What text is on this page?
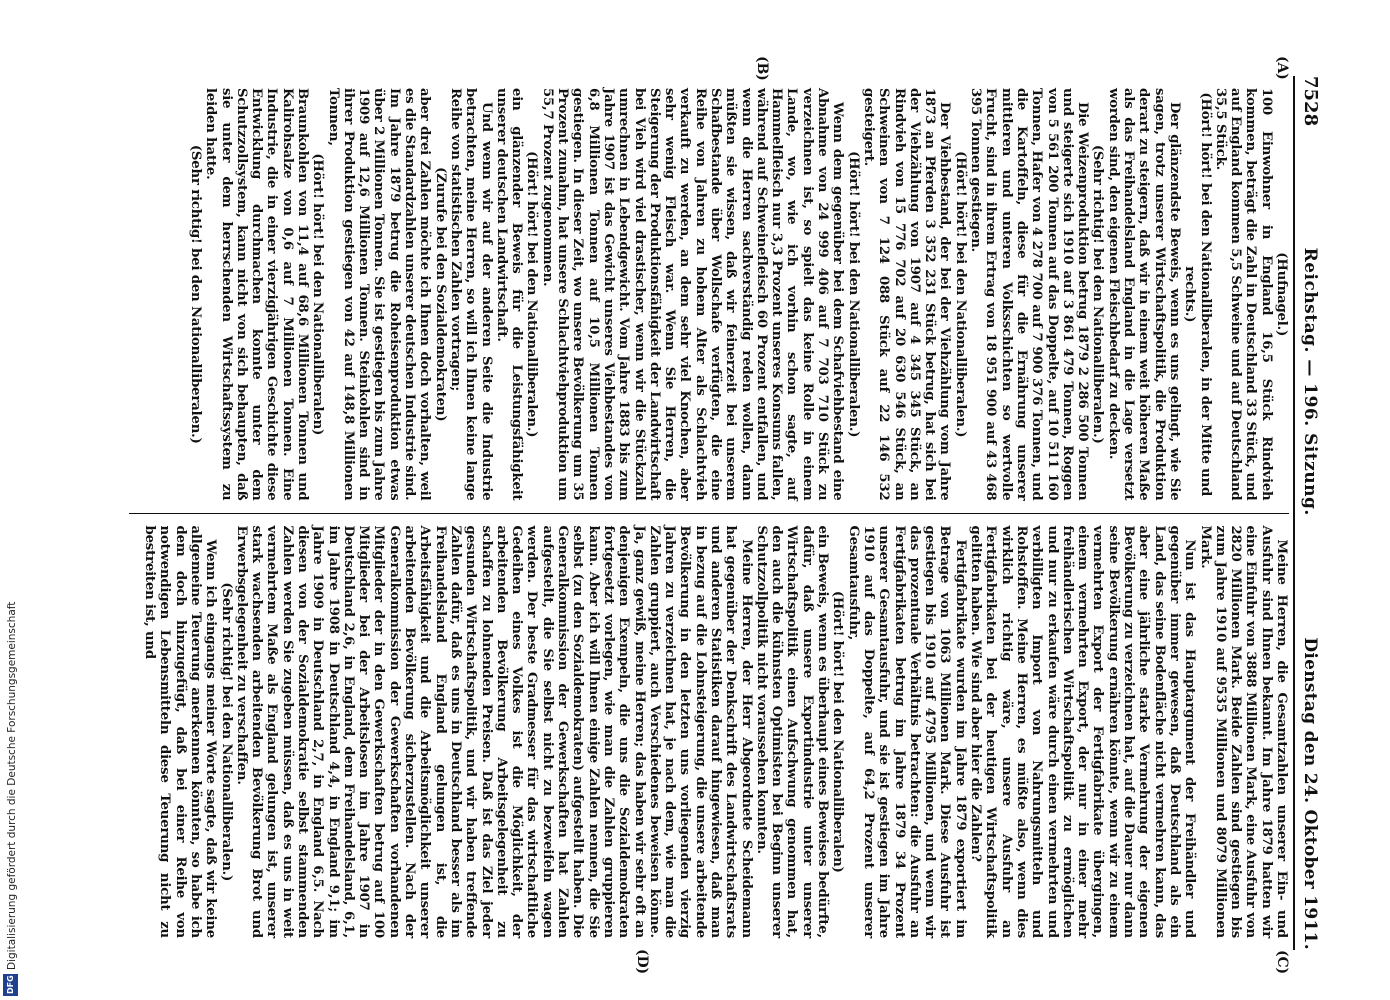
Digitalisierung gefördert durch die Deutsche Forschungsgemeinschaft
DFG
7528
Reichstag. — 196. Sitzung.
Dienstag den 24. Oktober 1911.
(A)
(B)

(Hufnagel.)

100 Einwohner in England 16,5 Stück Rindvieh kommen, beträgt die Zahl in Deutschland 33 Stück, und auf England kommen 5,5 Schweine und auf Deutschland 35,5 Stück.

(Hört! hört! bei den Nationalliberalen, in der Mitte und rechts.)

Der glänzendste Beweis, wenn es uns gelingt, wie Sie sagen, trotz unserer Wirtschaftspolitik, die Produktion derart zu steigern, daß wir in einem weit höheren Maße als das Freihandelsland England in die Lage versetzt worden sind, den eigenen Fleischbedarf zu decken.

(Sehr richtig! bei den Nationalliberalen.)

Die Weizenproduktion betrug 1879 2 286 500 Tonnen und steigerte sich 1910 auf 3 861 479 Tonnen, Roggen von 5 561 200 Tonnen auf das Doppelte, auf 10 511 160 Tonnen, Hafer von 4 278 700 auf 7 900 376 Tonnen, und die Kartoffeln, diese für die Ernährung unserer mittleren und unteren Volksschichten so wertvolle Frucht, sind in ihrem Ertrag von 18 951 900 auf 43 468 395 Tonnen gestiegen.

(Hört! hört! bei den Nationalliberalen.)

Der Viehbestand, der bei der Viehzählung vom Jahre 1873 an Pferden 3 352 231 Stück betrug, hat sich bei der Viehzählung von 1907 auf 4 345 345 Stück, an Rindvieh von 15 776 702 auf 20 630 546 Stück, an Schweinen von 7 124 088 Stück auf 22 146 532 gesteigert.

(Hört! hört! bei den Nationalliberalen.)

Wenn dem gegenüber bei dem Schafviehbestand eine Abnahme von 24 999 406 auf 7 703 710 Stück zu verzeichnen ist, so spielt das keine Rolle in einem Lande, wo, wie ich vorhin schon sagte, auf Hammelfleisch nur 3,3 Prozent unseres Konsums fallen, während auf Schweinefleisch 60 Prozent entfallen, und wenn die Herren sachverständig reden wollen, dann müßten sie wissen, daß wir feinerzeit bei unserem Schafbestande über Wollschafe verfügten, die eine Reihe von Jahren zu hohem Alter als Schlachtvieh verkauft zu werden, an dem sehr viel Knochen, aber sehr wenig Fleisch war. Wenn Sie Herren, die Steigerung der Produktionsfähigkeit der Landwirtschaft bei Vieh wird viel drastischer, wenn wir die Stückzahl umrechnen in Lebendgewicht. Vom Jahre 1883 bis zum Jahre 1907 ist das Gewicht unseres Viehbestandes von 6,8 Millionen Tonnen auf 10,5 Millionen Tonnen gestiegen. In dieser Zeit, wo unsere Bevölkerung um 35 Prozent zunahm, hat unsere Schlachtviehproduktion um 55,7 Prozent zugenommen.

(Hört! hört! bei den Nationalliberalen.)

ein glänzender Beweis für die Leistungsfähigkeit unserer deutschen Landwirtschaft.

Und wenn wir auf der anderen Seite die Industrie betrachten, meine Herren, so will ich Ihnen keine lange Reihe von statistischen Zahlen vortragen;

(Zurufe bei den Sozialdemokraten)

aber drei Zahlen möchte ich Ihnen doch vorhalten, weil es die Standardzahlen unserer deutschen Industrie sind. Im Jahre 1879 betrug die Roheisenproduktion etwas über 2 Millionen Tonnen. Sie ist gestiegen bis zum Jahre 1909 auf 12,6 Millionen Tonnen. Steinkohlen sind in ihrer Produktion gestiegen von 42 auf 148,8 Millionen Tonnen,

(Hört! hört! bei den Nationalliberalen)

Braunkohlen von 11,4 auf 68,6 Millionen Tonnen und Kalirohsalze von 0,6 auf 7 Millionen Tonnen. Eine Industrie, die in einer vierzigjährigen Geschichte diese Entwicklung durchmachen konnte unter dem Schutzzollsystem, kann nicht von sich behaupten, daß sie unter dem herrschenden Wirtschaftssystem zu leiden hatte.

(Sehr richtig! bei den Nationalliberalen.)

(C)
(D)

Meine Herren, die Gesamtzahlen unserer Ein- und Ausfuhr sind Ihnen bekannt. Im Jahre 1879 hatten wir eine Einfuhr von 3888 Millionen Mark, eine Ausfuhr von 2820 Millionen Mark. Beide Zahlen sind gestiegen bis zum Jahre 1910 auf 9535 Millionen und 8079 Millionen Mark.

Nun ist das Hauptargument der Freihändler und gegenüber immer gewesen, daß Deutschland als ein Land, das seine Bodenfläche nicht vermehren kann, das aber eine jährliche starke Vermehrung der eigenen Bevölkerung zu verzeichnen hat, auf die Dauer nur dann seine Bevölkerung ernähren könnte, wenn wir zu einem vermehrten Export der Fertigfabrikate übergingen, einem vermehrten Export, der nur in einer mehr freihändlerischen Wirtschaftspolitik zu ermöglichen und nur zu erkaufen wäre durch einen vermehrten und verbilligten Import von Nahrungsmitteln und Rohstoffen. Meine Herren, es müßte also, wenn dies wirklich richtig wäre, unsere Ausfuhr an Fertigfabrikaten bei der heutigen Wirtschaftspolitik gelitten haben. Wie sind aber hier die Zahlen?

Fertigfabrikate wurden im Jahre 1879 exportiert im Betrage von 1063 Millionen Mark. Diese Ausfuhr ist gestiegen bis 1910 auf 4795 Millionen, und wenn wir das prozentuale Verhältnis betrachten: die Ausfuhr an Fertigfabrikaten betrug im Jahre 1879 34 Prozent unserer Gesamtausfuhr, und sie ist gestiegen im Jahre 1910 auf das Doppelte, auf 64,2 Prozent unserer Gesamtausfuhr,

(Hört! hört! bei den Nationalliberalen)

ein Beweis, wenn es überhaupt eines Beweises bedürfte, dafür, daß unsere Exportindustrie unter unserer Wirtschaftspolitik einen Aufschwung genommen hat, den auch die kühnsten Optimisten bei Beginn unserer Schutzzollpolitik nicht voraussehen konnten.

Meine Herren, der Herr Abgeordnete Scheidemann hat gegenüber der Denkschrift des Landwirtschaftsrats und anderen Statistiken darauf hingewiesen, daß man in bezug auf die Lohnsteigerung, die unsere arbeitende Bevölkerung in den letzten uns vorliegenden vierzig Jahren zu verzeichnen hat, je nach dem, wie man die Zahlen gruppiert, auch Verschiedenes beweisen könne. Ja, ganz gewiß, meine Herren; das haben wir sehr oft an denjenigen Exempeln, die uns die Sozialdemokraten fortgesetzt vorlegen, wie man die Zahlen gruppieren kann. Aber ich will Ihnen einige Zahlen nennen, die Sie selbst (zu den Sozialdemokraten) aufgestellt haben. Die Generalkommission der Gewerkschaften hat Zahlen aufgestellt, die Sie selbst nicht zu bezweifeln wagen werden. Der beste Gradmesser für das wirtschaftliche Gedeihen eines Volkes ist die Möglichkeit, der arbeitenden Bevölkerung Arbeitsgelegenheit zu schaffen zu lohnenden Preisen. Daß ist das Ziel jeder gesunden Wirtschaftspolitik, und wir haben treffende Zahlen dafür, daß es uns in Deutschland besser als im Freihandelsland England gelungen ist, die Arbeitsfähigkeit und die Arbeitsmöglichkeit unserer arbeitenden Bevölkerung sicherzustellen. Nach der Generalkommission der Gewerkschaften vorhandenen Mitglieder der in den Gewerkschaften betrug auf 100 Mitglieder bei der Arbeitslosen im Jahre 1907 in Deutschland 2,6, in England, dem Freihandelsland, 6,1, im Jahre 1908 in Deutschland 4,4, in England 9,1; im Jahre 1909 in Deutschland 2,7, in England 6,5. Nach diesen von der Sozialdemokratie selbst stammenden Zahlen werden Sie zugeben müssen, daß es uns in weit vermehrtem Maße als England gelungen ist, unserer stark wachsenden arbeitenden Bevölkerung Brot und Erwerbsgelegenheit zu verschaffen.

(Sehr richtig! bei den Nationalliberalen.)

Wenn ich eingangs meiner Worte sagte, daß wir keine allgemeine Teuerung anerkennen könnten, so habe ich dem doch hinzugefügt, daß bei einer Reihe von notwendigen Lebensmitteln diese Teuerung nicht zu bestreiten ist, und
